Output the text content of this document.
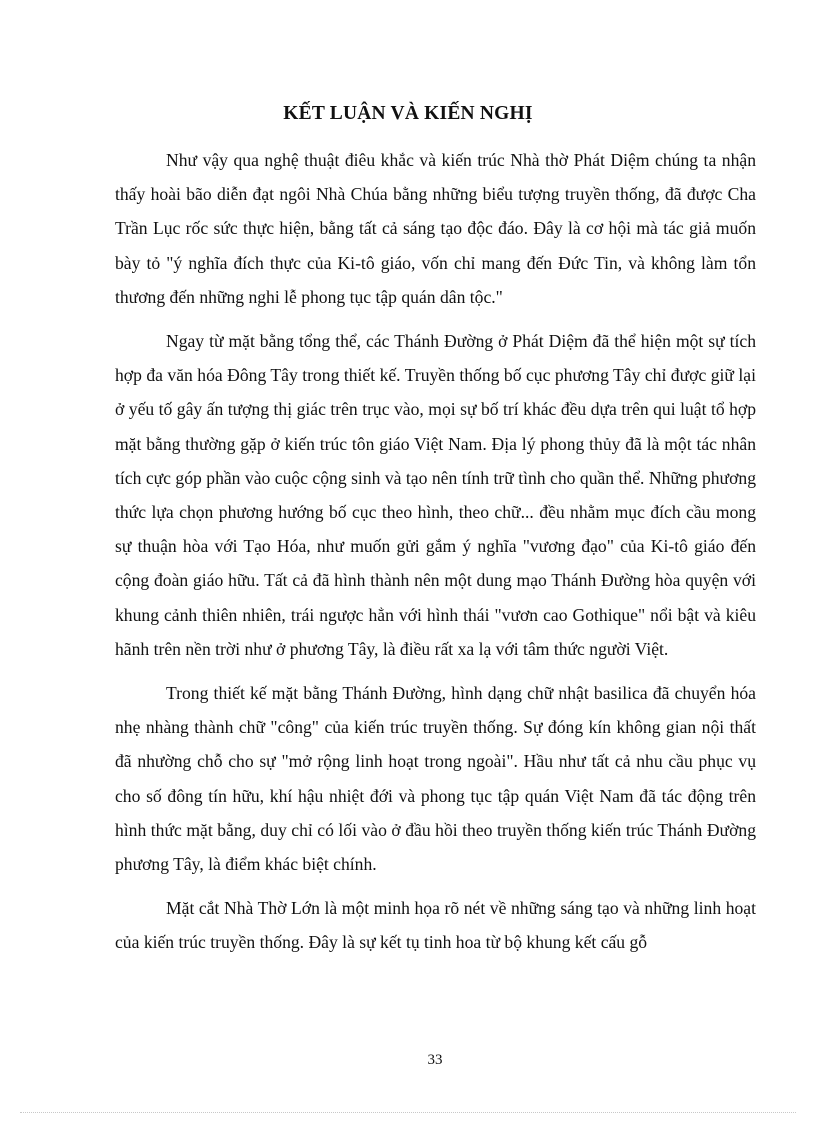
KẾT LUẬN VÀ KIẾN NGHỊ

Như vậy qua nghệ thuật điêu khắc và kiến trúc Nhà thờ Phát Diệm chúng ta nhận thấy hoài bão diễn đạt ngôi Nhà Chúa bằng những biểu tượng truyền thống, đã được Cha Trần Lục rốc sức thực hiện, bằng tất cả sáng tạo độc đáo. Đây là cơ hội mà tác giả muốn bày tỏ "ý nghĩa đích thực của Ki-tô giáo, vốn chỉ mang đến Đức Tin, và không làm tổn thương đến những nghi lễ phong tục tập quán dân tộc."

Ngay từ mặt bằng tổng thể, các Thánh Đường ở Phát Diệm đã thể hiện một sự tích hợp đa văn hóa Đông Tây trong thiết kế. Truyền thống bố cục phương Tây chỉ được giữ lại ở yếu tố gây ấn tượng thị giác trên trục vào, mọi sự bố trí khác đều dựa trên qui luật tổ hợp mặt bằng thường gặp ở kiến trúc tôn giáo Việt Nam. Địa lý phong thủy đã là một tác nhân tích cực góp phần vào cuộc cộng sinh và tạo nên tính trữ tình cho quần thể. Những phương thức lựa chọn phương hướng bố cục theo hình, theo chữ... đều nhằm mục đích cầu mong sự thuận hòa với Tạo Hóa, như muốn gửi gắm ý nghĩa "vương đạo" của Ki-tô giáo đến cộng đoàn giáo hữu. Tất cả đã hình thành nên một dung mạo Thánh Đường hòa quyện với khung cảnh thiên nhiên, trái ngược hẳn với hình thái "vươn cao Gothique" nổi bật và kiêu hãnh trên nền trời như ở phương Tây, là điều rất xa lạ với tâm thức người Việt.

Trong thiết kế mặt bằng Thánh Đường, hình dạng chữ nhật basilica đã chuyển hóa nhẹ nhàng thành chữ "công" của kiến trúc truyền thống. Sự đóng kín không gian nội thất đã nhường chỗ cho sự "mở rộng linh hoạt trong ngoài". Hầu như tất cả nhu cầu phục vụ cho số đông tín hữu, khí hậu nhiệt đới và phong tục tập quán Việt Nam đã tác động trên hình thức mặt bằng, duy chỉ có lối vào ở đầu hồi theo truyền thống kiến trúc Thánh Đường phương Tây, là điểm khác biệt chính.

Mặt cắt Nhà Thờ Lớn là một minh họa rõ nét về những sáng tạo và những linh hoạt của kiến trúc truyền thống. Đây là sự kết tụ tinh hoa từ bộ khung kết cấu gỗ

33
